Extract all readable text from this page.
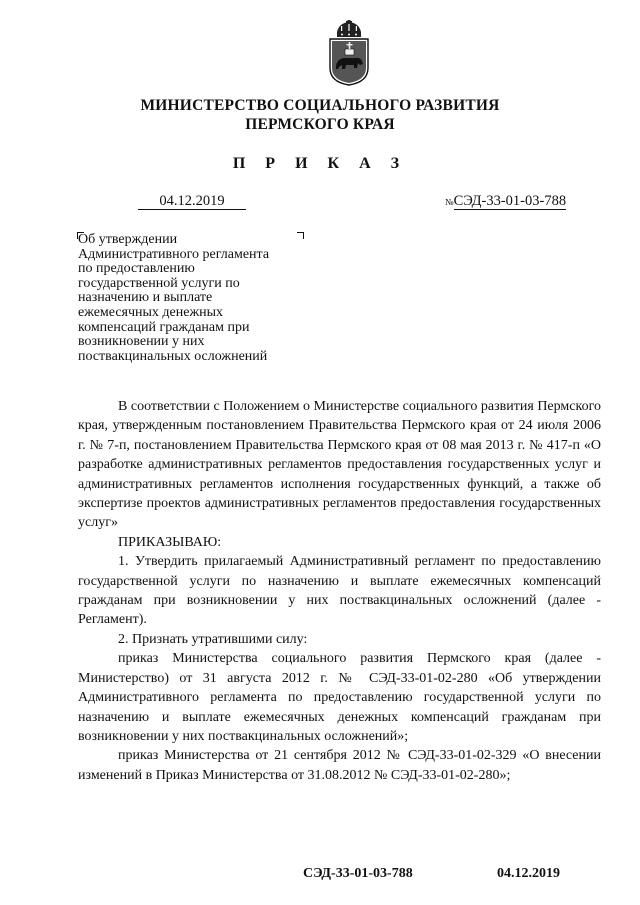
МИНИСТЕРСТВО СОЦИАЛЬНОГО РАЗВИТИЯ
ПЕРМСКОГО КРАЯ
П Р И К А З
04.12.2019	№СЭД-33-01-03-788
Об утверждении
Административного регламента
по предоставлению
государственной услуги по
назначению и выплате
ежемесячных денежных
компенсаций гражданам при
возникновении у них
поствакцинальных осложнений
В соответствии с Положением о Министерстве социального развития Пермского края, утвержденным постановлением Правительства Пермского края от 24 июля 2006 г. № 7-п, постановлением Правительства Пермского края от 08 мая 2013 г. № 417-п «О разработке административных регламентов предоставления государственных услуг и административных регламентов исполнения государственных функций, а также об экспертизе проектов административных регламентов предоставления государственных услуг»
ПРИКАЗЫВАЮ:
1. Утвердить прилагаемый Административный регламент по предоставлению государственной услуги по назначению и выплате ежемесячных компенсаций гражданам при возникновении у них поствакцинальных осложнений (далее - Регламент).
2. Признать утратившими силу:
приказ Министерства социального развития Пермского края (далее - Министерство) от 31 августа 2012 г. № СЭД-33-01-02-280 «Об утверждении Административного регламента по предоставлению государственной услуги по назначению и выплате ежемесячных денежных компенсаций гражданам при возникновении у них поствакцинальных осложнений»;
приказ Министерства от 21 сентября 2012 № СЭД-33-01-02-329 «О внесении изменений в Приказ Министерства от 31.08.2012 № СЭД-33-01-02-280»;
СЭД-33-01-03-788	04.12.2019
